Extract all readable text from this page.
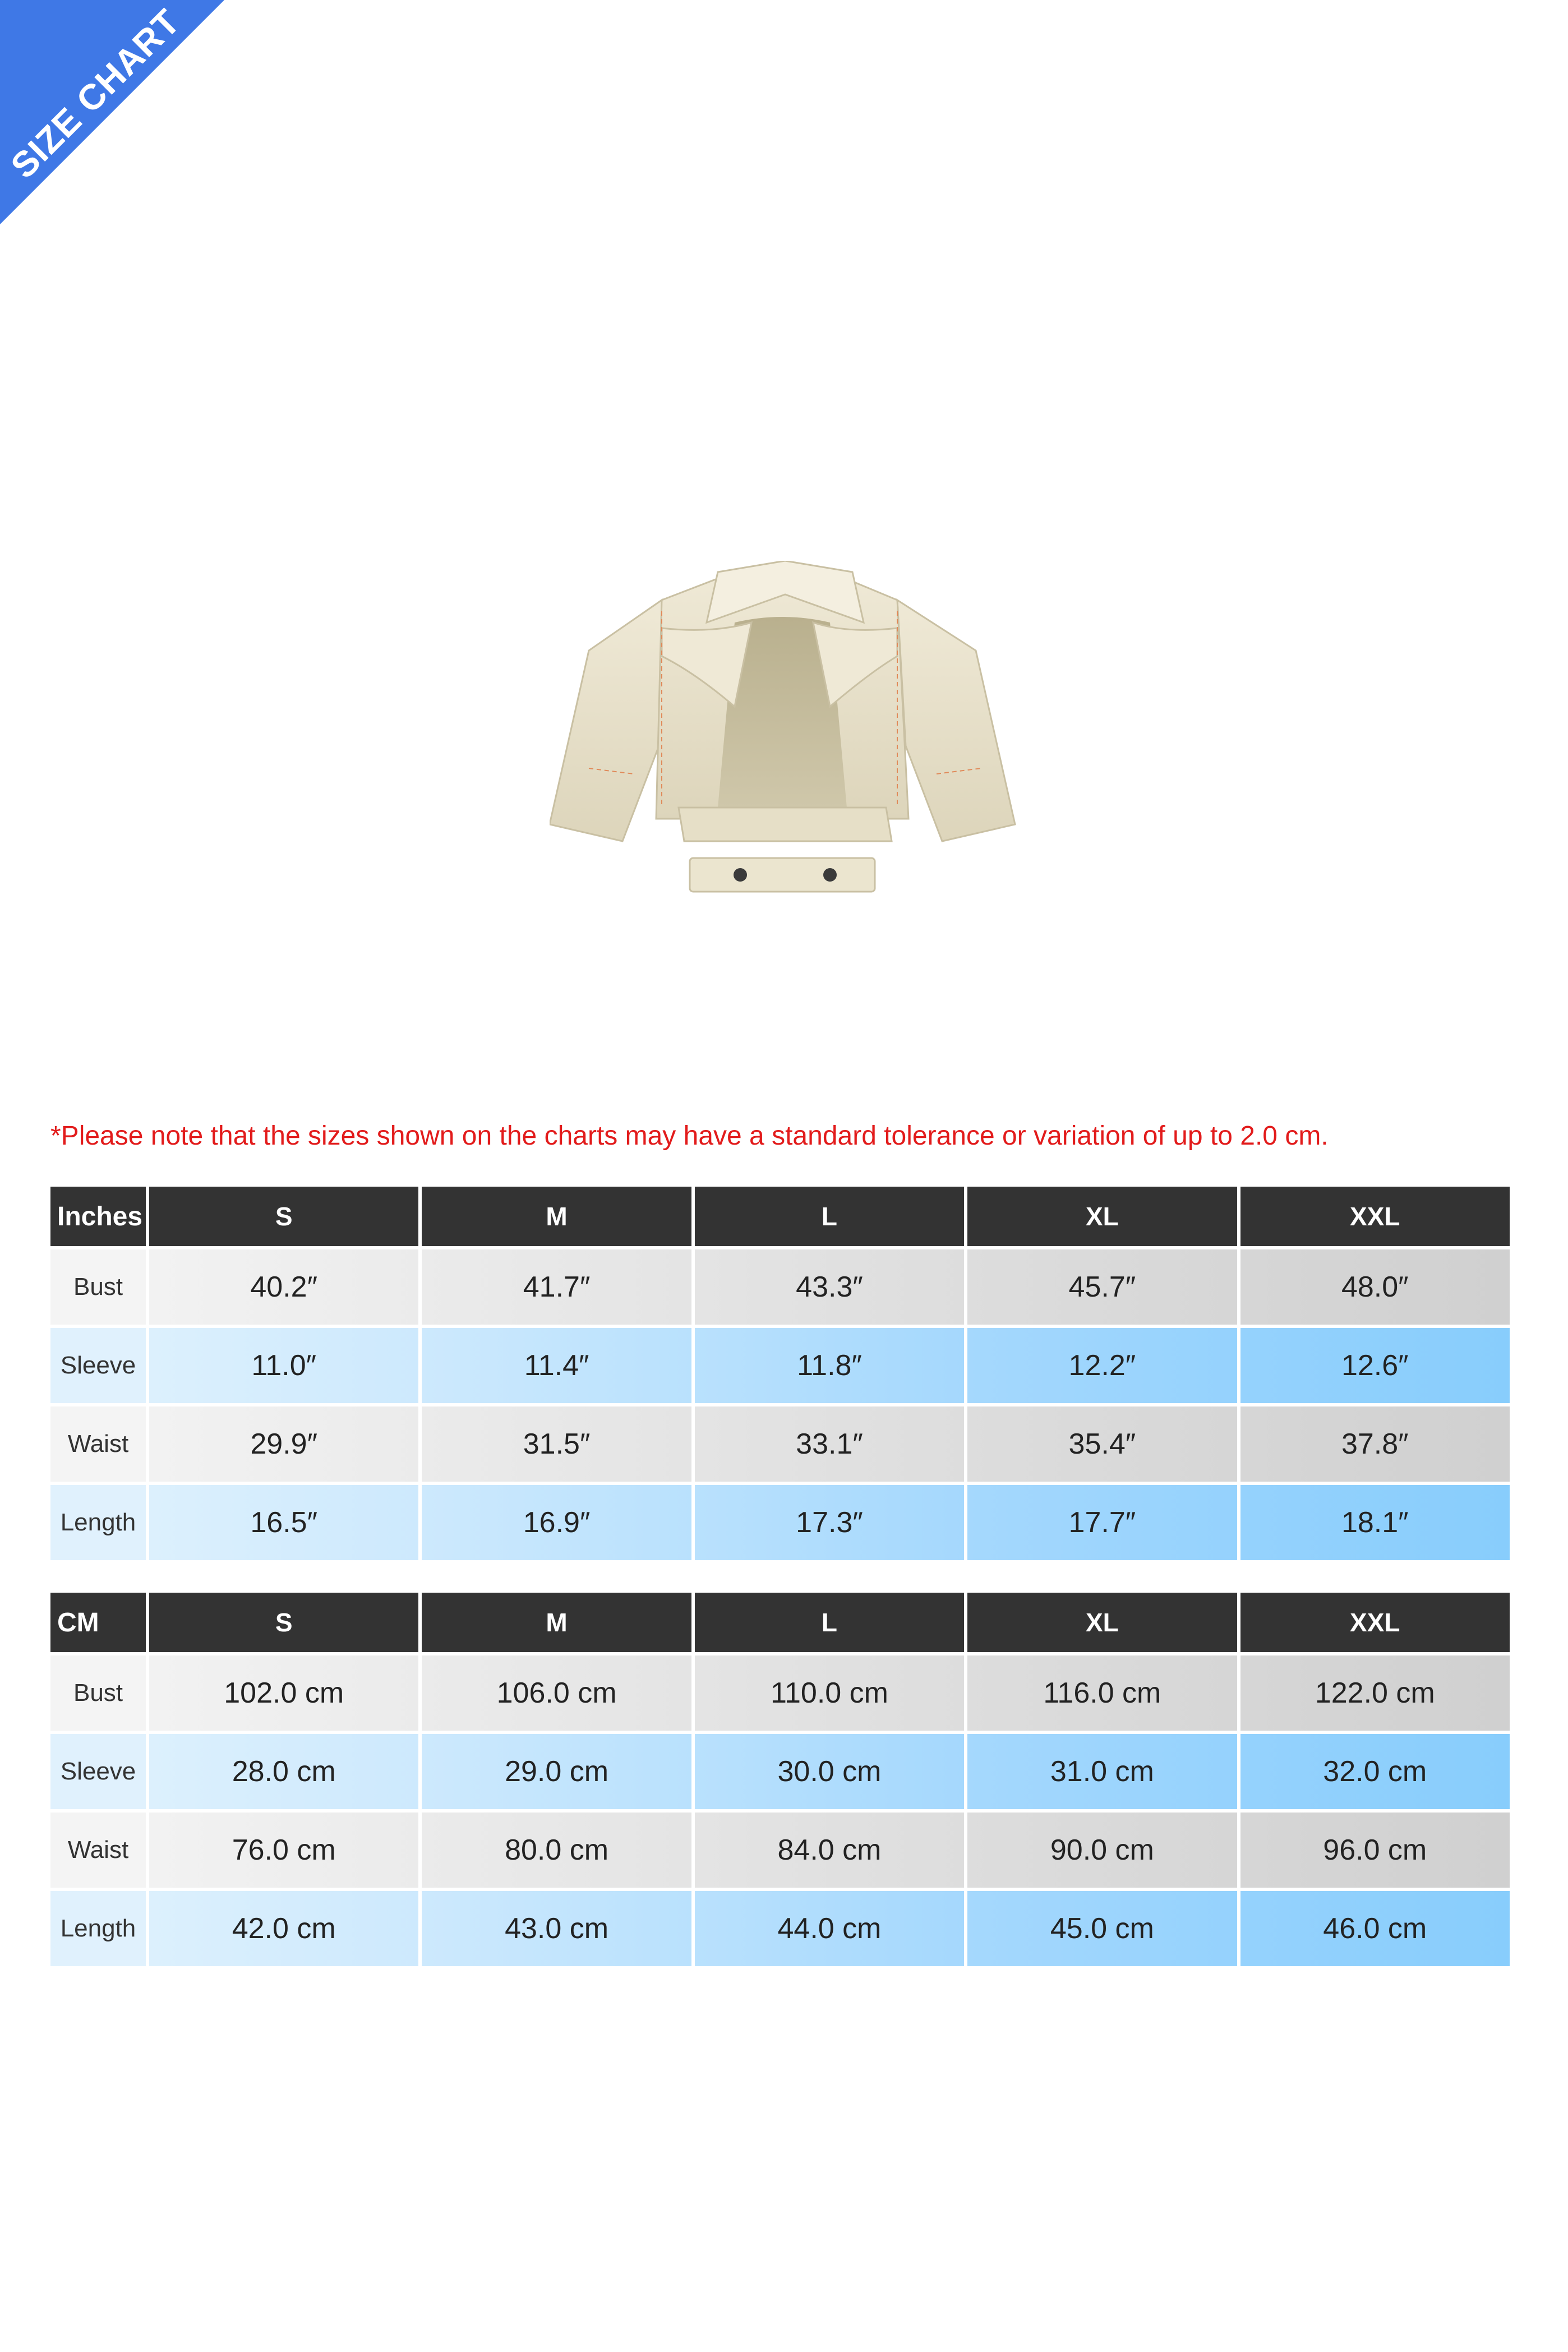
SIZE CHART
*Please note that the sizes shown on the charts may have a standard tolerance or variation of up to 2.0 cm.
Inches	S	M	L	XL	XXL
Bust	40.2″	41.7″	43.3″	45.7″	48.0″
Sleeve	11.0″	11.4″	11.8″	12.2″	12.6″
Waist	29.9″	31.5″	33.1″	35.4″	37.8″
Length	16.5″	16.9″	17.3″	17.7″	18.1″
CM	S	M	L	XL	XXL
Bust	102.0 cm	106.0 cm	110.0 cm	116.0 cm	122.0 cm
Sleeve	28.0 cm	29.0 cm	30.0 cm	31.0 cm	32.0 cm
Waist	76.0 cm	80.0 cm	84.0 cm	90.0 cm	96.0 cm
Length	42.0 cm	43.0 cm	44.0 cm	45.0 cm	46.0 cm
